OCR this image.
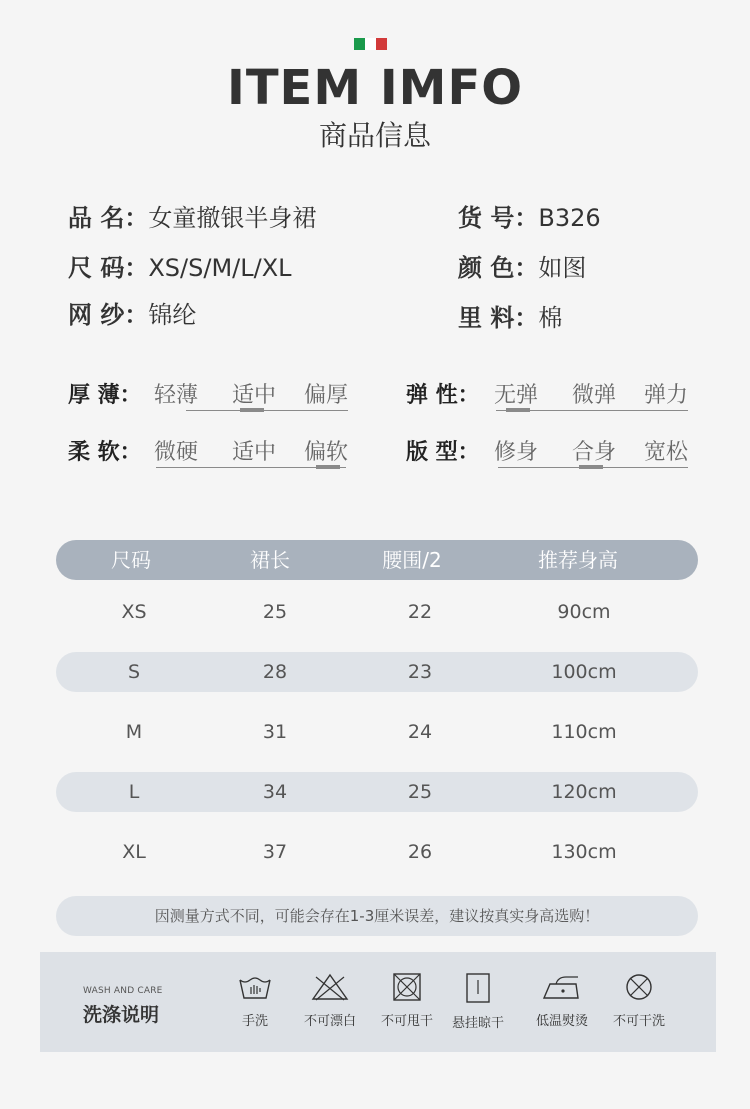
ITEM IMFO
商品信息
品 名：女童撤银半身裙	货 号：B326
尺 码：XS/S/M/L/XL	颜 色：如图
网 纱：锦纶	里 料：棉
厚 薄： 轻薄 适中 偏厚	弹 性： 无弹 微弹 弹力
柔 软： 微硬 适中 偏软	版 型： 修身 合身 宽松
尺码	裙长	腰围/2	推荐身高
XS	25	22	90cm
S	28	23	100cm
M	31	24	110cm
L	34	25	120cm
XL	37	26	130cm
因测量方式不同，可能会存在1-3厘米误差，建议按真实身高选购！
WASH AND CARE
洗涤说明	手洗	不可漂白	不可甩干	悬挂晾干	低温熨烫	不可干洗
